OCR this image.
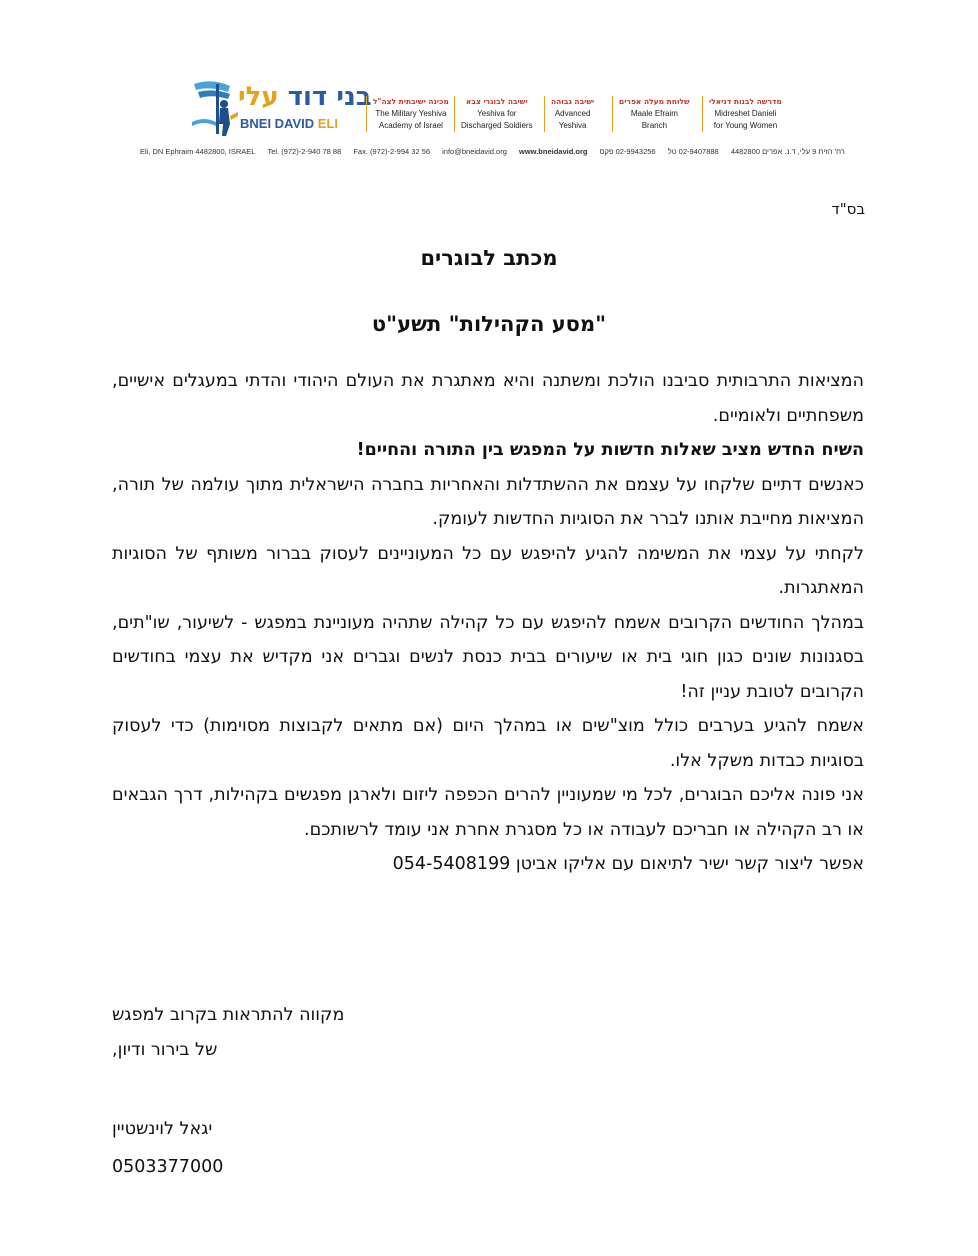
בני דוד עלי
BNEI DAVID ELI
מכינה ישיבתית לצה"ל
The Military Yeshiva
Academy of Israel
ישיבה לבוגרי צבא
Yeshiva for
Discharged Soldiers
ישיבה גבוהה
Advanced
Yeshiva
שלוחת מעלה אפרים
Maale Efraim
Branch
מדרשה לבנות דניאלי
Midreshet Danieli
for Young Women
Eli, DN Ephraim 4482800, ISRAEL Tel. (972)-2-940 78 88 Fax. (972)-2-994 32 56 info@bneidavid.org www.bneidavid.org 02-9943256 פקס 02-9407888 טל רח' הזית 9 עלי, ד.נ. אפרים 4482800
בס"ד
מכתב לבוגרים
"מסע הקהילות" תשע"ט

המציאות התרבותית סביבנו הולכת ומשתנה והיא מאתגרת את העולם היהודי והדתי במעגלים אישיים, משפחתיים ולאומיים.

השיח החדש מציב שאלות חדשות על המפגש בין התורה והחיים!

כאנשים דתיים שלקחו על עצמם את ההשתדלות והאחריות בחברה הישראלית מתוך עולמה של תורה, המציאות מחייבת אותנו לברר את הסוגיות החדשות לעומק.

לקחתי על עצמי את המשימה להגיע להיפגש עם כל המעוניינים לעסוק בברור משותף של הסוגיות המאתגרות.

במהלך החודשים הקרובים אשמח להיפגש עם כל קהילה שתהיה מעוניינת במפגש - לשיעור, שו"תים, בסגנונות שונים כגון חוגי בית או שיעורים בבית כנסת לנשים וגברים אני מקדיש את עצמי בחודשים הקרובים לטובת עניין זה!

אשמח להגיע בערבים כולל מוצ"שים או במהלך היום (אם מתאים לקבוצות מסוימות) כדי לעסוק בסוגיות כבדות משקל אלו.

אני פונה אליכם הבוגרים, לכל מי שמעוניין להרים הכפפה ליזום ולארגן מפגשים בקהילות, דרך הגבאים או רב הקהילה או חבריכם לעבודה או כל מסגרת אחרת אני עומד לרשותכם.

אפשר ליצור קשר ישיר לתיאום עם אליקו אביטן 054-5408199

מקווה להתראות בקרוב למפגש

של בירור ודיון,

יגאל לוינשטיין

0503377000
